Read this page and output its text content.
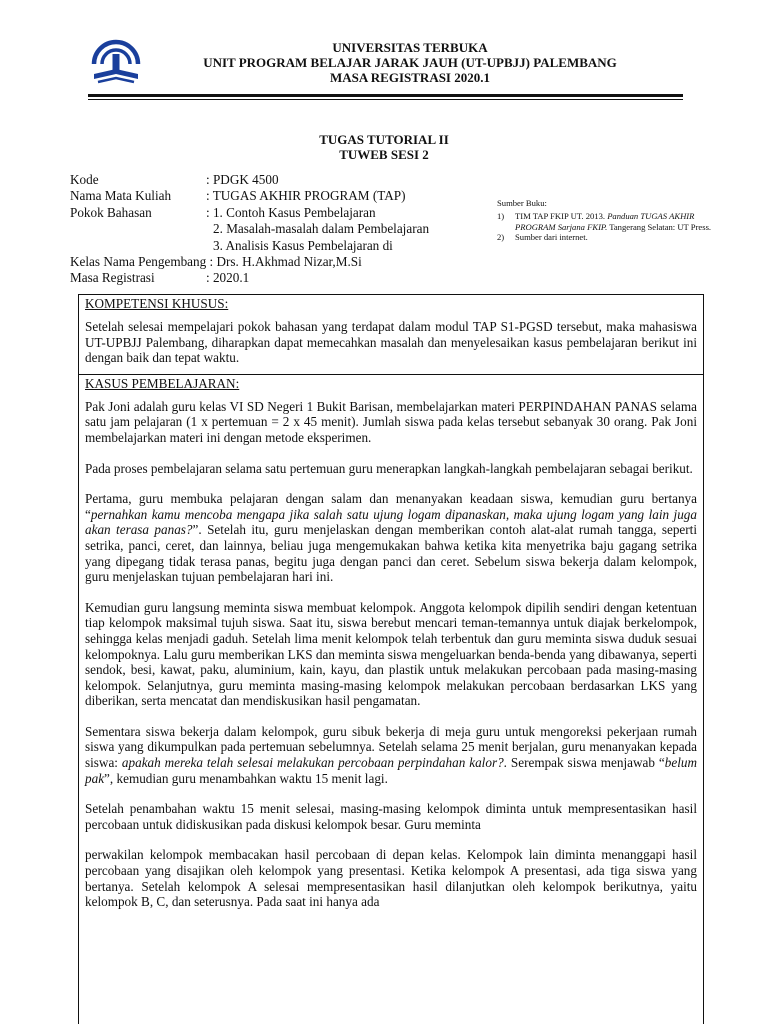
UNIVERSITAS TERBUKA
UNIT PROGRAM BELAJAR JARAK JAUH (UT-UPBJJ) PALEMBANG
MASA REGISTRASI 2020.1
TUGAS TUTORIAL II
TUWEB SESI 2
Kode	: PDGK 4500
Nama Mata Kuliah	: TUGAS AKHIR PROGRAM (TAP)
Pokok Bahasan	: 1. Contoh Kasus Pembelajaran
2. Masalah-masalah dalam Pembelajaran
3. Analisis Kasus Pembelajaran di
Kelas Nama Pengembang : Drs. H.Akhmad Nizar,M.Si
Masa Registrasi	: 2020.1
Sumber Buku:
1)	TIM TAP FKIP UT. 2013. Panduan TUGAS AKHIR PROGRAM Sarjana FKIP. Tangerang Selatan: UT Press.
2)	Sumber dari internet.
KOMPETENSI KHUSUS:
Setelah selesai mempelajari pokok bahasan yang terdapat dalam modul TAP S1-PGSD tersebut, maka mahasiswa UT-UPBJJ Palembang, diharapkan dapat memecahkan masalah dan menyelesaikan kasus pembelajaran berikut ini dengan baik dan tepat waktu.
KASUS PEMBELAJARAN:
Pak Joni adalah guru kelas VI SD Negeri 1 Bukit Barisan, membelajarkan materi PERPINDAHAN PANAS selama satu jam pelajaran (1 x pertemuan = 2 x 45 menit). Jumlah siswa pada kelas tersebut sebanyak 30 orang. Pak Joni membelajarkan materi ini dengan metode eksperimen.
Pada proses pembelajaran selama satu pertemuan guru menerapkan langkah-langkah pembelajaran sebagai berikut.
Pertama, guru membuka pelajaran dengan salam dan menanyakan keadaan siswa, kemudian guru bertanya “pernahkan kamu mencoba mengapa jika salah satu ujung logam dipanaskan, maka ujung logam yang lain juga akan terasa panas?”. Setelah itu, guru menjelaskan dengan memberikan contoh alat-alat rumah tangga, seperti setrika, panci, ceret, dan lainnya, beliau juga mengemukakan bahwa ketika kita menyetrika baju gagang setrika yang dipegang tidak terasa panas, begitu juga dengan panci dan ceret. Sebelum siswa bekerja dalam kelompok, guru menjelaskan tujuan pembelajaran hari ini.
Kemudian guru langsung meminta siswa membuat kelompok. Anggota kelompok dipilih sendiri dengan ketentuan tiap kelompok maksimal tujuh siswa. Saat itu, siswa berebut mencari teman-temannya untuk diajak berkelompok, sehingga kelas menjadi gaduh. Setelah lima menit kelompok telah terbentuk dan guru meminta siswa duduk sesuai kelompoknya. Lalu guru memberikan LKS dan meminta siswa mengeluarkan benda-benda yang dibawanya, seperti sendok, besi, kawat, paku, aluminium, kain, kayu, dan plastik untuk melakukan percobaan pada masing-masing kelompok. Selanjutnya, guru meminta masing-masing kelompok melakukan percobaan berdasarkan LKS yang diberikan, serta mencatat dan mendiskusikan hasil pengamatan.
Sementara siswa bekerja dalam kelompok, guru sibuk bekerja di meja guru untuk mengoreksi pekerjaan rumah siswa yang dikumpulkan pada pertemuan sebelumnya. Setelah selama 25 menit berjalan, guru menanyakan kepada siswa: apakah mereka telah selesai melakukan percobaan perpindahan kalor?. Serempak siswa menjawab “belum pak”, kemudian guru menambahkan waktu 15 menit lagi.
Setelah penambahan waktu 15 menit selesai, masing-masing kelompok diminta untuk mempresentasikan hasil percobaan untuk didiskusikan pada diskusi kelompok besar. Guru meminta
perwakilan kelompok membacakan hasil percobaan di depan kelas. Kelompok lain diminta menanggapi hasil percobaan yang disajikan oleh kelompok yang presentasi. Ketika kelompok A presentasi, ada tiga siswa yang bertanya. Setelah kelompok A selesai mempresentasikan hasil dilanjutkan oleh kelompok berikutnya, yaitu kelompok B, C, dan seterusnya. Pada saat ini hanya ada
